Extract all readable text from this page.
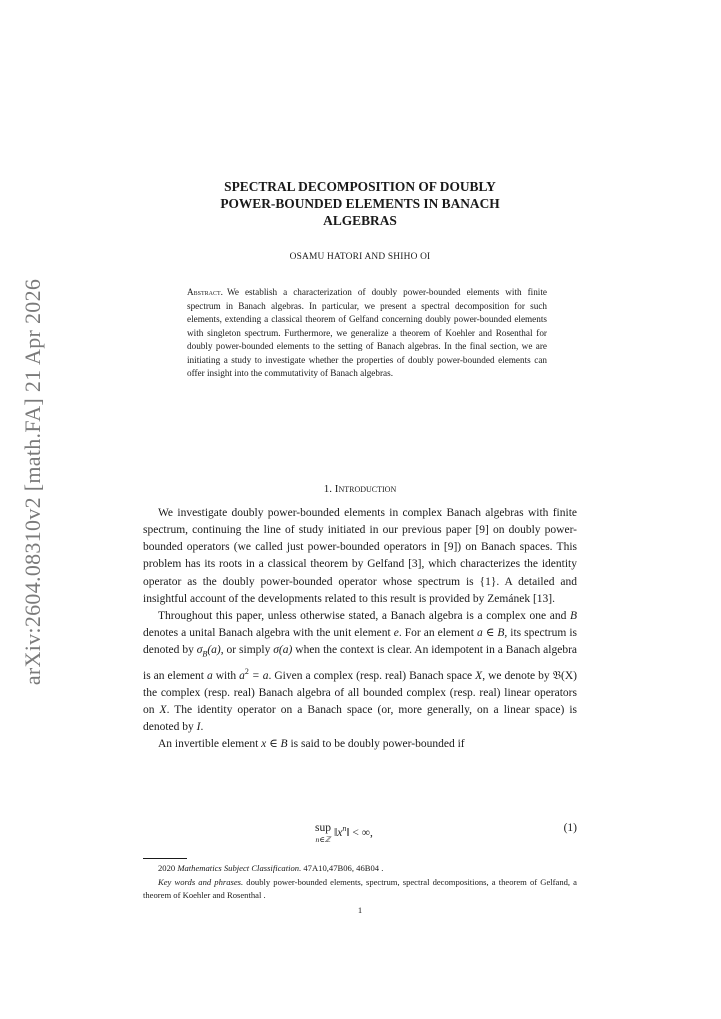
arXiv:2604.08310v2 [math.FA] 21 Apr 2026
SPECTRAL DECOMPOSITION OF DOUBLY
POWER-BOUNDED ELEMENTS IN BANACH
ALGEBRAS
OSAMU HATORI AND SHIHO OI
Abstract. We establish a characterization of doubly power-bounded elements with finite spectrum in Banach algebras. In particular, we present a spectral decomposition for such elements, extending a classical theorem of Gelfand concerning doubly power-bounded elements with singleton spectrum. Furthermore, we generalize a theorem of Koehler and Rosenthal for doubly power-bounded elements to the setting of Banach algebras. In the final section, we are initiating a study to investigate whether the properties of doubly power-bounded elements can offer insight into the commutativity of Banach algebras.
1. Introduction

We investigate doubly power-bounded elements in complex Banach algebras with finite spectrum, continuing the line of study initiated in our previous paper [9] on doubly power-bounded operators (we called just power-bounded operators in [9]) on Banach spaces. This problem has its roots in a classical theorem by Gelfand [3], which characterizes the identity operator as the doubly power-bounded operator whose spectrum is {1}. A detailed and insightful account of the developments related to this result is provided by Zemánek [13].

Throughout this paper, unless otherwise stated, a Banach algebra is a complex one and B denotes a unital Banach algebra with the unit element e. For an element a ∈ B, its spectrum is denoted by $\sigma_B(a)$, or simply σ(a) when the context is clear. An idempotent in a Banach algebra is an element a with $a^2 = a$. Given a complex (resp. real) Banach space X, we denote by 𝔅(X) the complex (resp. real) Banach algebra of all bounded complex (resp. real) linear operators on X. The identity operator on a Banach space (or, more generally, on a linear space) is denoted by I.

An invertible element x ∈ B is said to be doubly power-bounded if

sup
n∈ℤ
$‖x^n‖$ < ∞,	(1)

2020 Mathematics Subject Classification. 47A10,47B06, 46B04 .

Key words and phrases. doubly power-bounded elements, spectrum, spectral decompositions, a theorem of Gelfand, a theorem of Koehler and Rosenthal .

1
